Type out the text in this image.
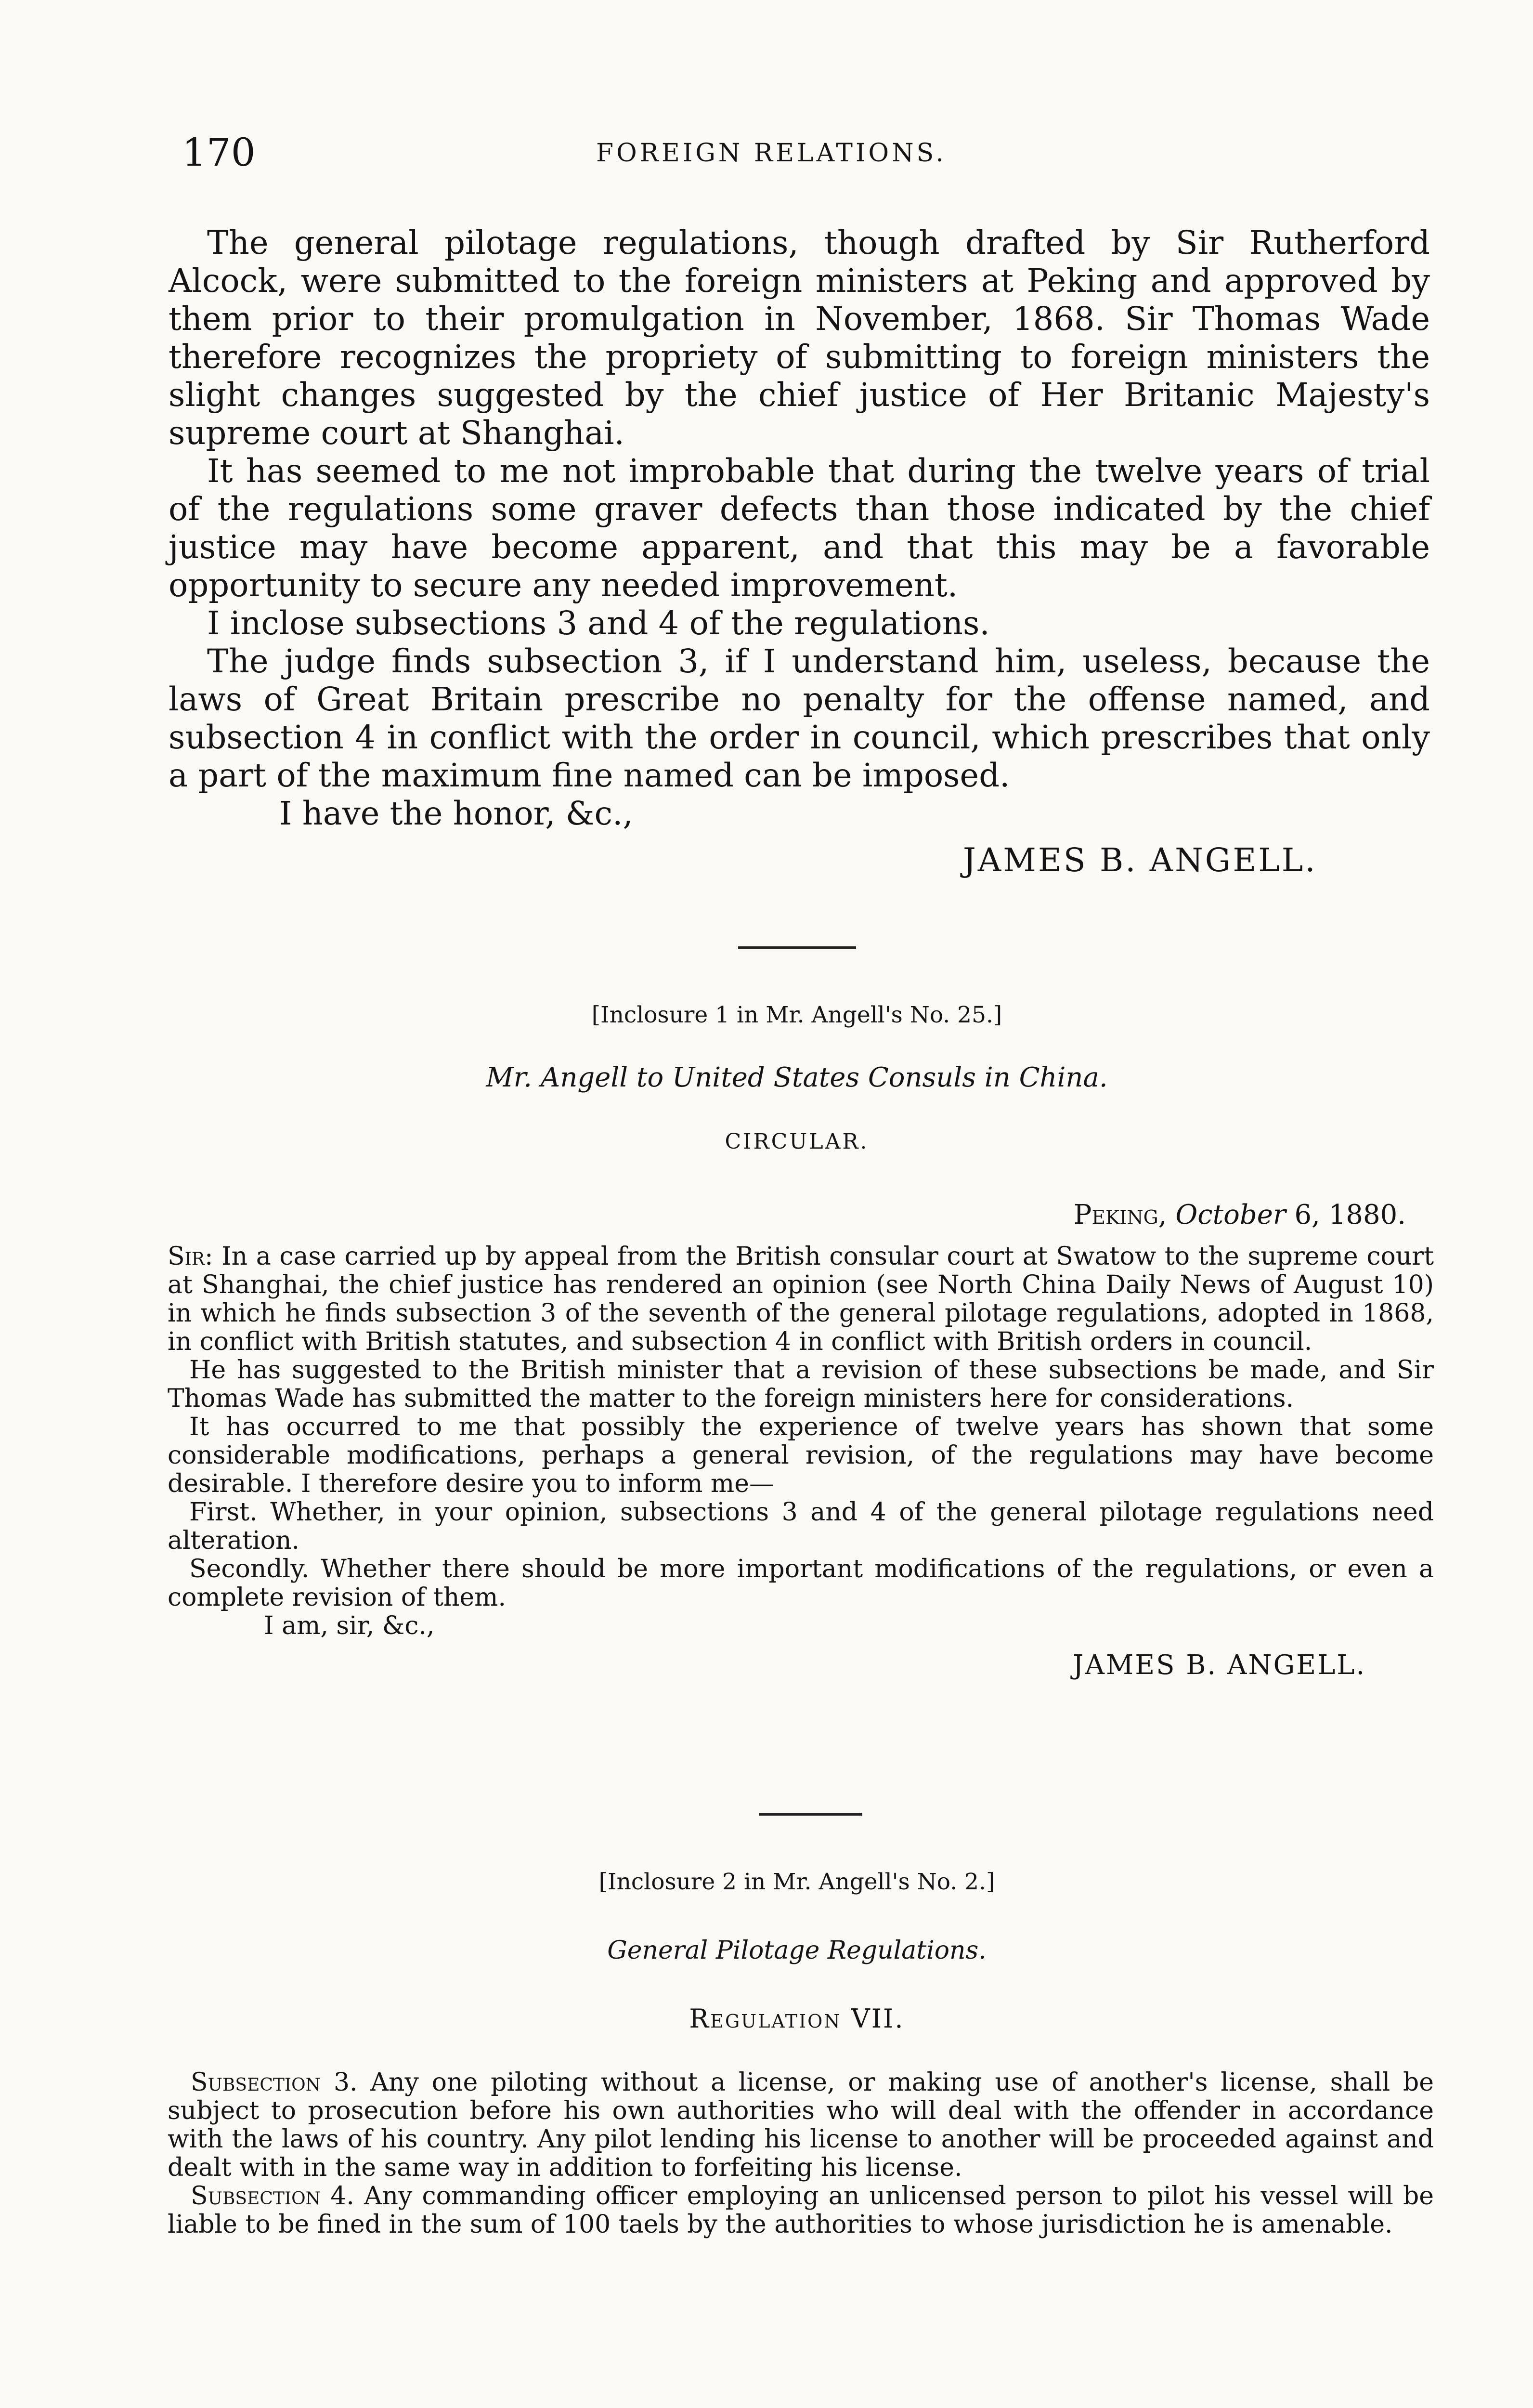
170	FOREIGN RELATIONS.

The general pilotage regulations, though drafted by Sir Rutherford Alcock, were submitted to the foreign ministers at Peking and approved by them prior to their promulgation in November, 1868. Sir Thomas Wade therefore recognizes the propriety of submitting to foreign ministers the slight changes suggested by the chief justice of Her Britanic Majesty's supreme court at Shanghai.

It has seemed to me not improbable that during the twelve years of trial of the regulations some graver defects than those indicated by the chief justice may have become apparent, and that this may be a favorable opportunity to secure any needed improvement.

I inclose subsections 3 and 4 of the regulations.

The judge finds subsection 3, if I understand him, useless, because the laws of Great Britain prescribe no penalty for the offense named, and subsection 4 in conflict with the order in council, which prescribes that only a part of the maximum fine named can be imposed.

I have the honor, &c.,

JAMES B. ANGELL.

[Inclosure 1 in Mr. Angell's No. 25.]
Mr. Angell to United States Consuls in China.
CIRCULAR.
Peking, October 6, 1880.

Sir: In a case carried up by appeal from the British consular court at Swatow to the supreme court at Shanghai, the chief justice has rendered an opinion (see North China Daily News of August 10) in which he finds subsection 3 of the seventh of the general pilotage regulations, adopted in 1868, in conflict with British statutes, and subsection 4 in conflict with British orders in council.

He has suggested to the British minister that a revision of these subsections be made, and Sir Thomas Wade has submitted the matter to the foreign ministers here for considerations.

It has occurred to me that possibly the experience of twelve years has shown that some considerable modifications, perhaps a general revision, of the regulations may have become desirable. I therefore desire you to inform me—

First. Whether, in your opinion, subsections 3 and 4 of the general pilotage regulations need alteration.

Secondly. Whether there should be more important modifications of the regulations, or even a complete revision of them.

I am, sir, &c.,

JAMES B. ANGELL.

[Inclosure 2 in Mr. Angell's No. 2.]
General Pilotage Regulations.
Regulation VII.

Subsection 3. Any one piloting without a license, or making use of another's license, shall be subject to prosecution before his own authorities who will deal with the offender in accordance with the laws of his country. Any pilot lending his license to another will be proceeded against and dealt with in the same way in addition to forfeiting his license.

Subsection 4. Any commanding officer employing an unlicensed person to pilot his vessel will be liable to be fined in the sum of 100 taels by the authorities to whose jurisdiction he is amenable.
